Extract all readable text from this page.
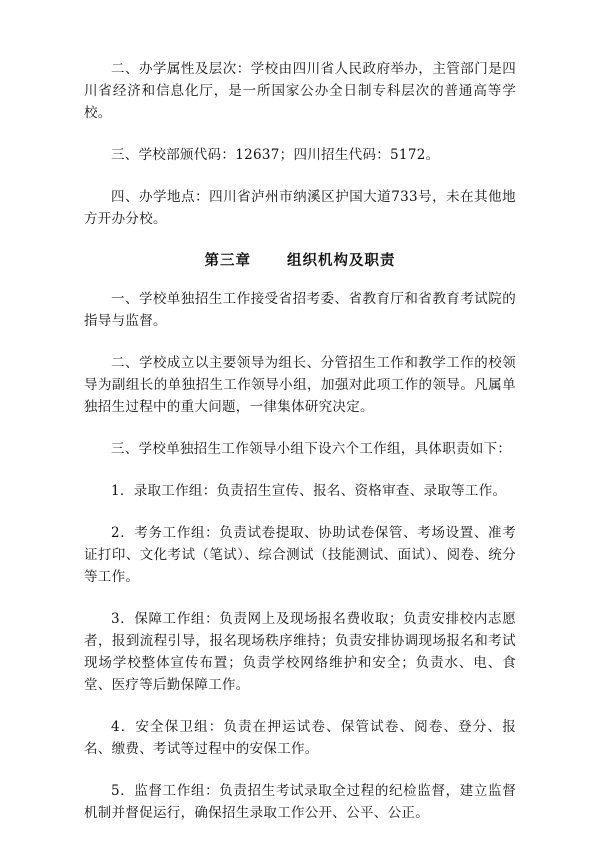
二、办学属性及层次：学校由四川省人民政府举办，主管部门是四川省经济和信息化厅，是一所国家公办全日制专科层次的普通高等学校。

三、学校部颁代码：12637；四川招生代码：5172。

四、办学地点：四川省泸州市纳溪区护国大道733号，未在其他地方开办分校。

第三章 组织机构及职责

一、学校单独招生工作接受省招考委、省教育厅和省教育考试院的指导与监督。

二、学校成立以主要领导为组长、分管招生工作和教学工作的校领导为副组长的单独招生工作领导小组，加强对此项工作的领导。凡属单独招生过程中的重大问题，一律集体研究决定。

三、学校单独招生工作领导小组下设六个工作组，具体职责如下：

1．录取工作组：负责招生宣传、报名、资格审查、录取等工作。

2．考务工作组：负责试卷提取、协助试卷保管、考场设置、准考证打印、文化考试（笔试）、综合测试（技能测试、面试）、阅卷、统分等工作。

3．保障工作组：负责网上及现场报名费收取；负责安排校内志愿者，报到流程引导，报名现场秩序维持；负责安排协调现场报名和考试现场学校整体宣传布置；负责学校网络维护和安全；负责水、电、食堂、医疗等后勤保障工作。

4．安全保卫组：负责在押运试卷、保管试卷、阅卷、登分、报名、缴费、考试等过程中的安保工作。

5．监督工作组：负责招生考试录取全过程的纪检监督，建立监督机制并督促运行，确保招生录取工作公开、公平、公正。
